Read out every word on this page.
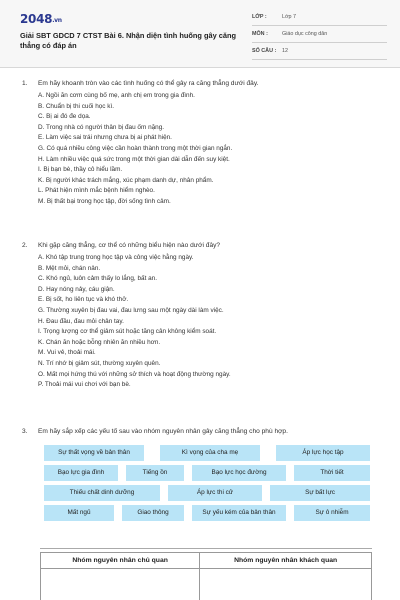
2048.vn
Giải SBT GDCD 7 CTST Bài 6. Nhận diện tình huống gây căng thẳng có đáp án
LỚP :	Lớp 7
MÔN :	Giáo dục công dân
SỐ CÂU : 12
1. Em hãy khoanh tròn vào các tình huống có thể gây ra căng thẳng dưới đây.
A. Ngồi ăn cơm cùng bố mẹ, anh chị em trong gia đình.
B. Chuẩn bị thi cuối học kì.
C. Bị ai đó đe dọa.
D. Trong nhà có người thân bị đau ốm nặng.
E. Làm việc sai trái nhưng chưa bị ai phát hiện.
G. Có quá nhiều công việc cần hoàn thành trong một thời gian ngắn.
H. Làm nhiều việc quá sức trong một thời gian dài dẫn đến suy kiệt.
I. Bị bạn bè, thầy cô hiểu lầm.
K. Bị người khác trách mắng, xúc phạm danh dự, nhân phẩm.
L. Phát hiện mình mắc bệnh hiểm nghèo.
M. Bị thất bại trong học tập, đời sống tình cảm.
2. Khi gặp căng thẳng, cơ thể có những biểu hiện nào dưới đây?
A. Khó tập trung trong học tập và công việc hằng ngày.
B. Mệt mỏi, chán nản.
C. Khó ngủ, luôn cảm thấy lo lắng, bất an.
D. Hay nóng nảy, cáu giận.
E. Bị sốt, ho liên tục và khó thở.
G. Thường xuyên bị đau vai, đau lưng sau một ngày dài làm việc.
H. Đau đầu, đau mỏi chân tay.
I. Trọng lượng cơ thể giảm sút hoặc tăng cân không kiểm soát.
K. Chán ăn hoặc bỗng nhiên ăn nhiều hơn.
M. Vui vẻ, thoải mái.
N. Trí nhớ bị giảm sút, thường xuyên quên.
O. Mất mọi hứng thú với những sở thích và hoạt động thường ngày.
P. Thoải mái vui chơi với bạn bè.
3. Em hãy sắp xếp các yếu tố sau vào nhóm nguyên nhân gây căng thẳng cho phù hợp.
Sự thất vọng về bản thân	Kì vọng của cha mẹ	Áp lực học tập
Bạo lực gia đình	Tiếng ồn	Bạo lực học đường	Thời tiết
Thiếu chất dinh dưỡng	Áp lực thi cử	Sự bất lực
Mất ngủ	Giao thông	Sự yếu kém của bản thân	Sự ô nhiễm
Nhóm nguyên nhân chủ quan	Nhóm nguyên nhân khách quan
